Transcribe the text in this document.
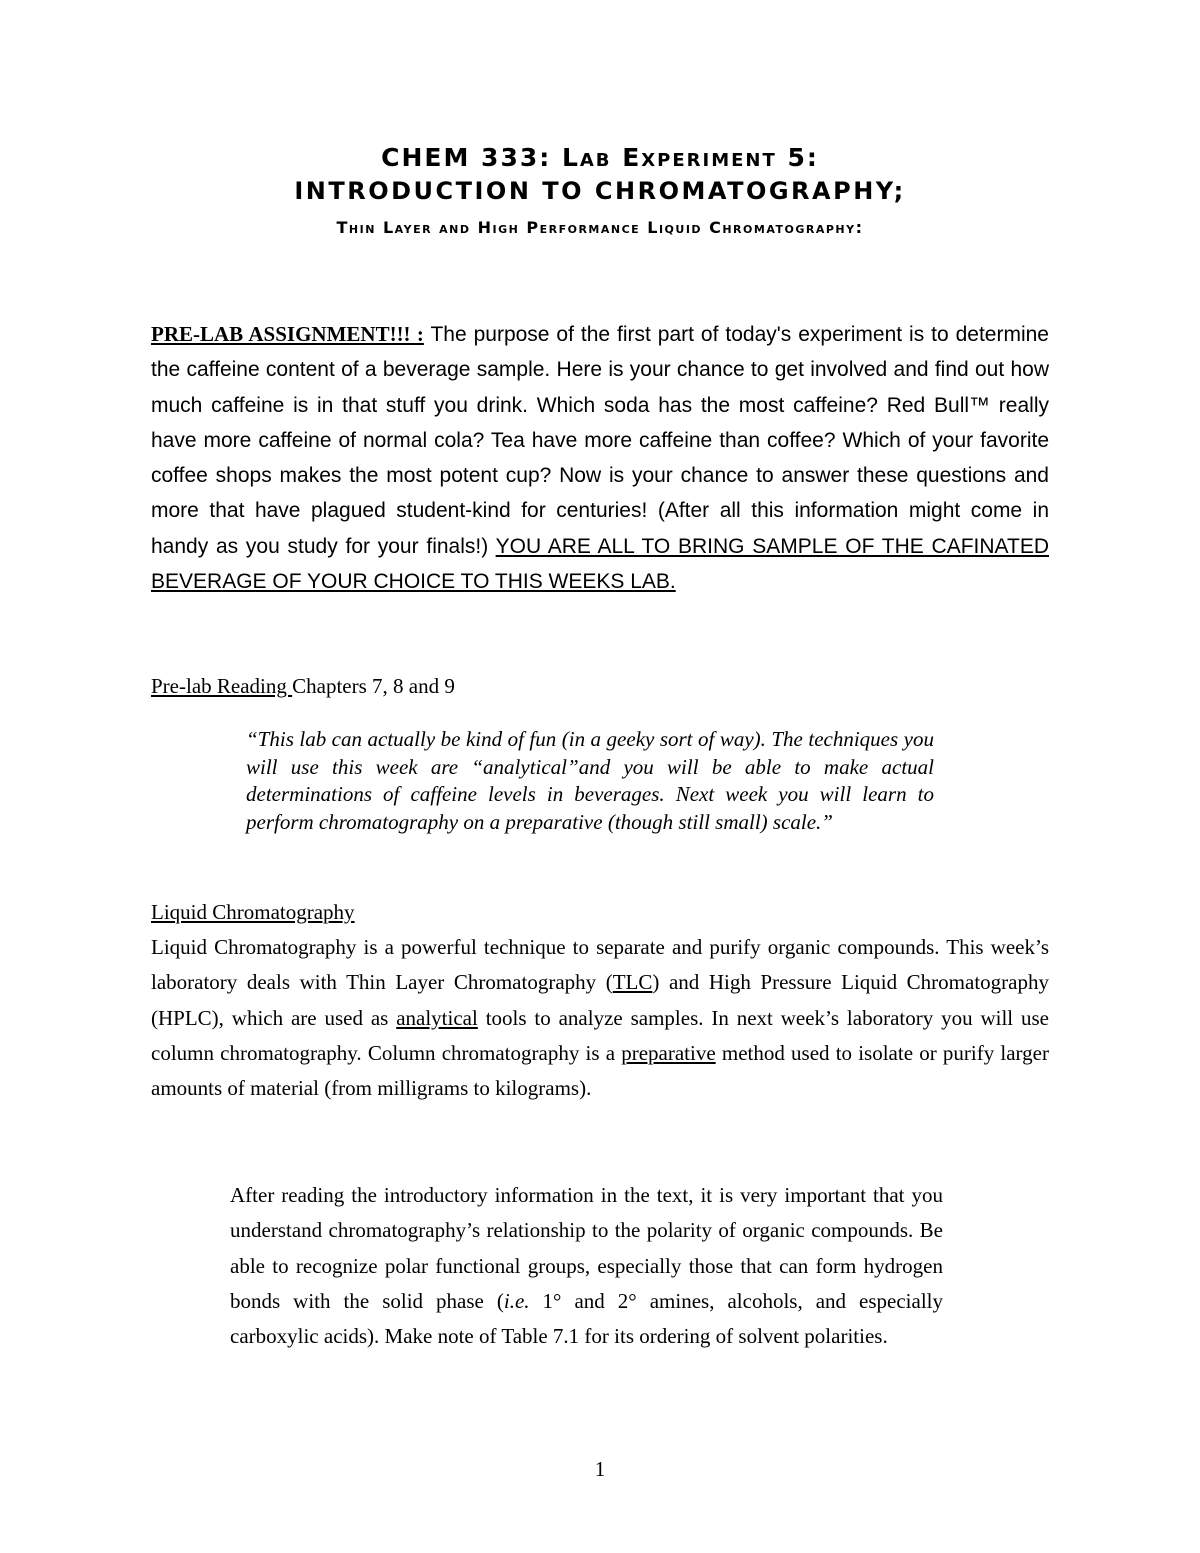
CHEM 333: Lab Experiment 5:
INTRODUCTION TO CHROMATOGRAPHY;
Thin Layer and High Performance Liquid Chromatography:
PRE-LAB ASSIGNMENT!!! : The purpose of the first part of today's experiment is to determine the caffeine content of a beverage sample. Here is your chance to get involved and find out how much caffeine is in that stuff you drink. Which soda has the most caffeine? Red Bull™ really have more caffeine of normal cola? Tea have more caffeine than coffee? Which of your favorite coffee shops makes the most potent cup? Now is your chance to answer these questions and more that have plagued student-kind for centuries! (After all this information might come in handy as you study for your finals!) YOU ARE ALL TO BRING SAMPLE OF THE CAFINATED BEVERAGE OF YOUR CHOICE TO THIS WEEKS LAB.
Pre-lab Reading Chapters 7, 8 and 9
“This lab can actually be kind of fun (in a geeky sort of way). The techniques you will use this week are “analytical”and you will be able to make actual determinations of caffeine levels in beverages. Next week you will learn to perform chromatography on a preparative (though still small) scale.”
Liquid Chromatography
Liquid Chromatography is a powerful technique to separate and purify organic compounds. This week’s laboratory deals with Thin Layer Chromatography (TLC) and High Pressure Liquid Chromatography (HPLC), which are used as analytical tools to analyze samples. In next week’s laboratory you will use column chromatography. Column chromatography is a preparative method used to isolate or purify larger amounts of material (from milligrams to kilograms).
After reading the introductory information in the text, it is very important that you understand chromatography’s relationship to the polarity of organic compounds. Be able to recognize polar functional groups, especially those that can form hydrogen bonds with the solid phase (i.e. 1° and 2° amines, alcohols, and especially carboxylic acids). Make note of Table 7.1 for its ordering of solvent polarities.
1
